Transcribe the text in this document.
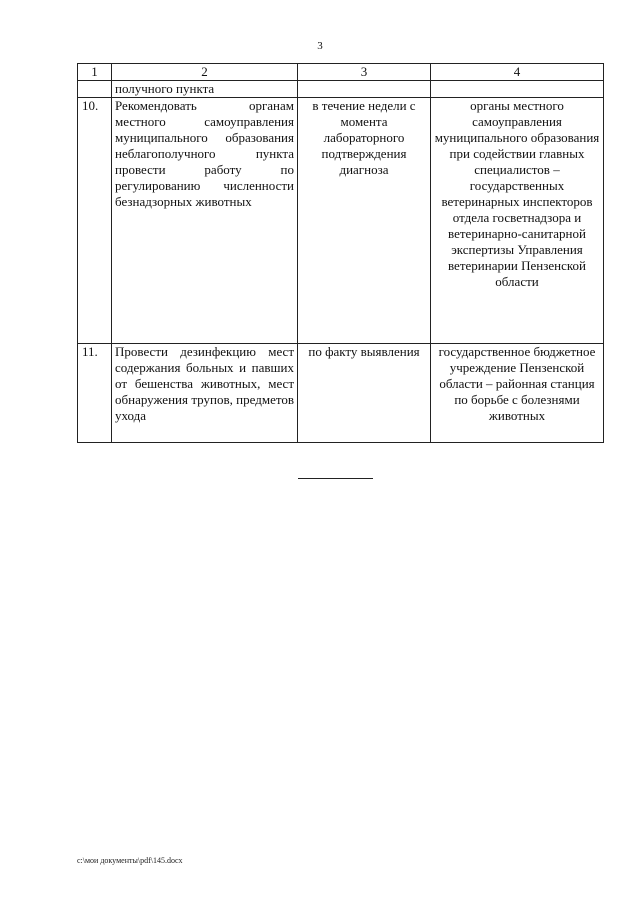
3
1	2	3	4
	получного пункта		
10.	Рекомендовать органам местного самоуправления муниципального образования неблагополучного пункта провести работу по регулированию численности безнадзорных животных	в течение недели с момента лабораторного подтверждения диагноза	органы местного самоуправления муниципального образования при содействии главных специалистов – государственных ветеринарных инспекторов отдела госветнадзора и ветеринарно-санитарной экспертизы Управления ветеринарии Пензенской области
11.	Провести дезинфекцию мест содержания больных и павших от бешенства животных, мест обнаружения трупов, предметов ухода	по факту выявления	государственное бюджетное учреждение Пензенской области – районная станция по борьбе с болезнями животных
c:\мои документы\pdf\145.docx
